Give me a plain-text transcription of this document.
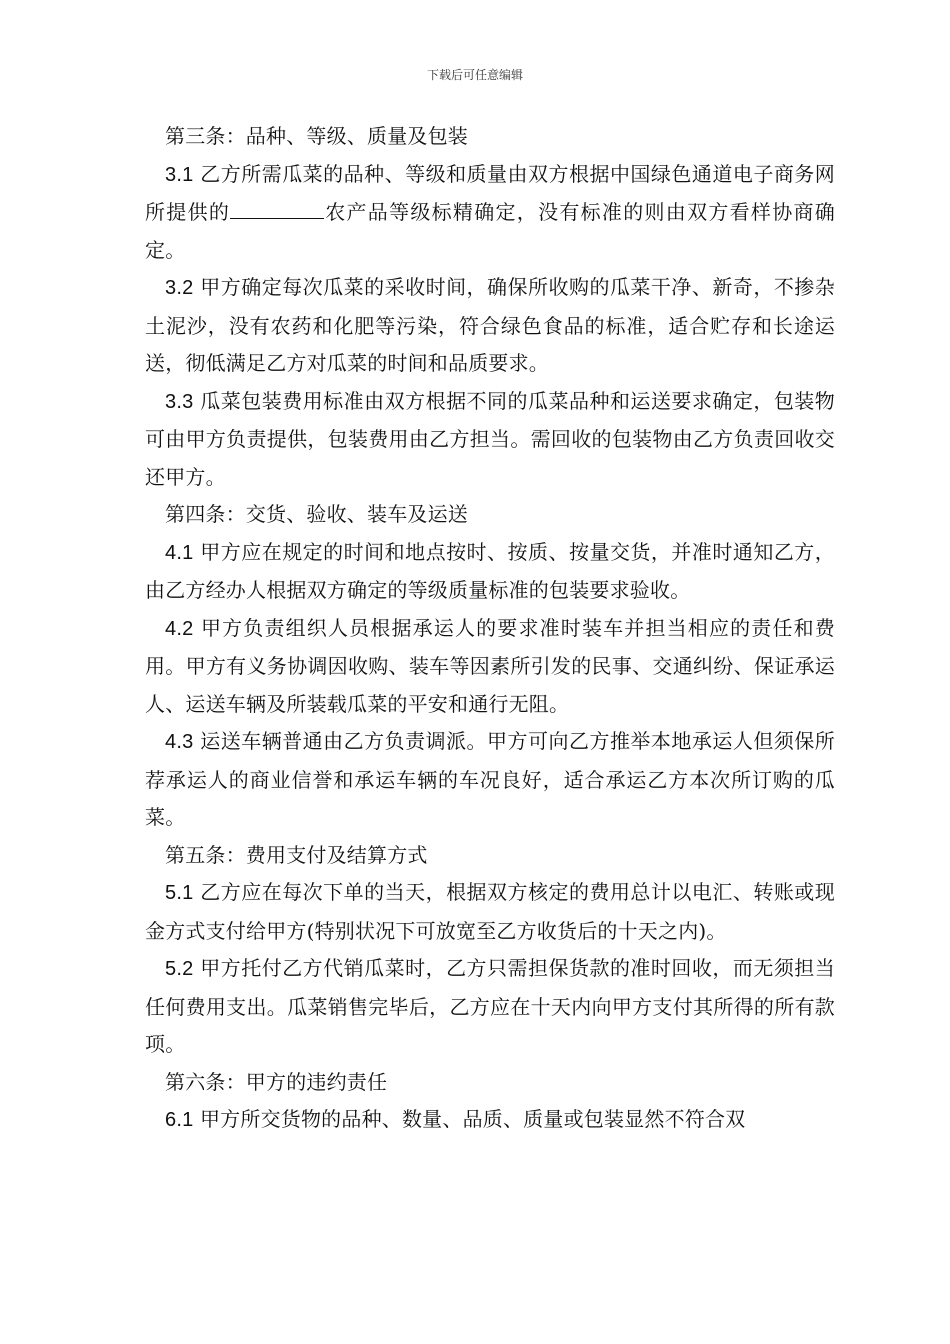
下载后可任意编辑

第三条：品种、等级、质量及包装

3.1 乙方所需瓜菜的品种、等级和质量由双方根据中国绿色通道电子商务网所提供的	农产品等级标精确定，没有标准的则由双方看样协商确定。

3.2 甲方确定每次瓜菜的采收时间，确保所收购的瓜菜干净、新奇，不掺杂土泥沙，没有农药和化肥等污染，符合绿色食品的标准，适合贮存和长途运送，彻低满足乙方对瓜菜的时间和品质要求。

3.3 瓜菜包装费用标准由双方根据不同的瓜菜品种和运送要求确定，包装物可由甲方负责提供，包装费用由乙方担当。需回收的包装物由乙方负责回收交还甲方。

第四条：交货、验收、装车及运送

4.1 甲方应在规定的时间和地点按时、按质、按量交货，并准时通知乙方，由乙方经办人根据双方确定的等级质量标准的包装要求验收。

4.2 甲方负责组织人员根据承运人的要求准时装车并担当相应的责任和费用。甲方有义务协调因收购、装车等因素所引发的民事、交通纠纷、保证承运人、运送车辆及所装载瓜菜的平安和通行无阻。

4.3 运送车辆普通由乙方负责调派。甲方可向乙方推举本地承运人但须保所荐承运人的商业信誉和承运车辆的车况良好，适合承运乙方本次所订购的瓜菜。

第五条：费用支付及结算方式

5.1 乙方应在每次下单的当天，根据双方核定的费用总计以电汇、转账或现金方式支付给甲方(特别状况下可放宽至乙方收货后的十天之内)。

5.2 甲方托付乙方代销瓜菜时，乙方只需担保货款的准时回收，而无须担当任何费用支出。瓜菜销售完毕后，乙方应在十天内向甲方支付其所得的所有款项。

第六条：甲方的违约责任

6.1 甲方所交货物的品种、数量、品质、质量或包装显然不符合双
